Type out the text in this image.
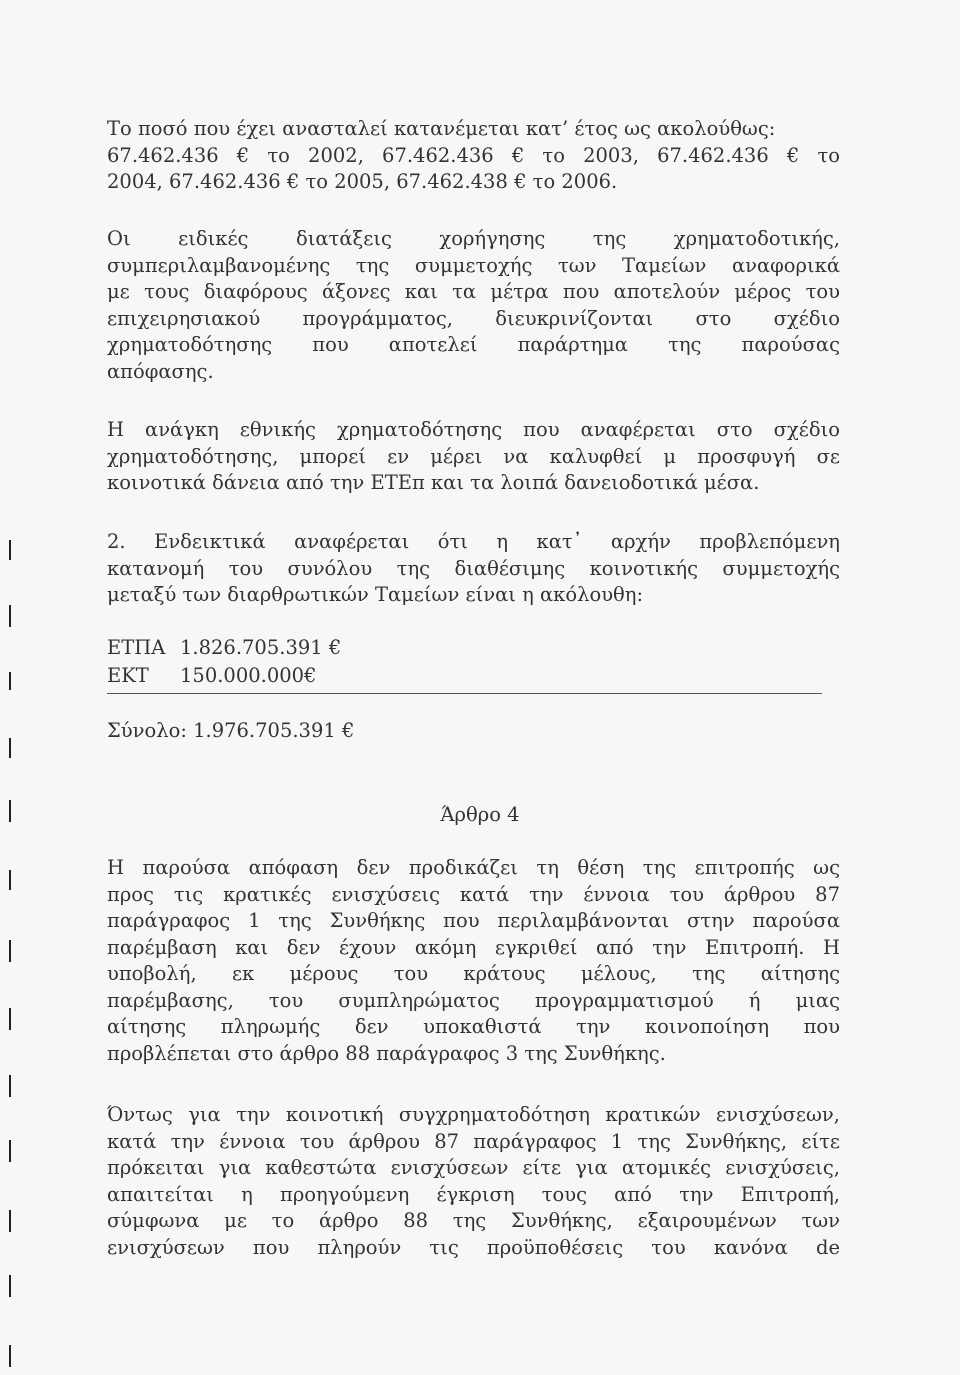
Το ποσό που έχει ανασταλεί κατανέμεται κατ’ έτος ως ακολούθως:
67.462.436 € το 2002, 67.462.436 € το 2003, 67.462.436 € το
2004, 67.462.436 € το 2005, 67.462.438 € το 2006.
Οι ειδικές διατάξεις χορήγησης της χρηματοδοτικής,
συμπεριλαμβανομένης της συμμετοχής των Ταμείων αναφορικά
με τους διαφόρους άξονες και τα μέτρα που αποτελούν μέρος του
επιχειρησιακού προγράμματος, διευκρινίζονται στο σχέδιο
χρηματοδότησης που αποτελεί παράρτημα της παρούσας
απόφασης.
Η ανάγκη εθνικής χρηματοδότησης που αναφέρεται στο σχέδιο
χρηματοδότησης, μπορεί εν μέρει να καλυφθεί μ προσφυγή σε
κοινοτικά δάνεια από την ΕΤΕπ και τα λοιπά δανειοδοτικά μέσα.
2. Ενδεικτικά αναφέρεται ότι η κατ᾽ αρχήν προβλεπόμενη
κατανομή του συνόλου της διαθέσιμης κοινοτικής συμμετοχής
μεταξύ των διαρθρωτικών Ταμείων είναι η ακόλουθη:
ΕΤΠΑ 1.826.705.391 €
ΕΚΤ 150.000.000€
Σύνολο: 1.976.705.391 €
Άρθρο 4
Η παρούσα απόφαση δεν προδικάζει τη θέση της επιτροπής ως
προς τις κρατικές ενισχύσεις κατά την έννοια του άρθρου 87
παράγραφος 1 της Συνθήκης που περιλαμβάνονται στην παρούσα
παρέμβαση και δεν έχουν ακόμη εγκριθεί από την Επιτροπή. Η
υποβολή, εκ μέρους του κράτους μέλους, της αίτησης
παρέμβασης, του συμπληρώματος προγραμματισμού ή μιας
αίτησης πληρωμής δεν υποκαθιστά την κοινοποίηση που
προβλέπεται στο άρθρο 88 παράγραφος 3 της Συνθήκης.
Όντως για την κοινοτική συγχρηματοδότηση κρατικών ενισχύσεων,
κατά την έννοια του άρθρου 87 παράγραφος 1 της Συνθήκης, είτε
πρόκειται για καθεστώτα ενισχύσεων είτε για ατομικές ενισχύσεις,
απαιτείται η προηγούμενη έγκριση τους από την Επιτροπή,
σύμφωνα με το άρθρο 88 της Συνθήκης, εξαιρουμένων των
ενισχύσεων που πληρούν τις προϋποθέσεις του κανόνα de
